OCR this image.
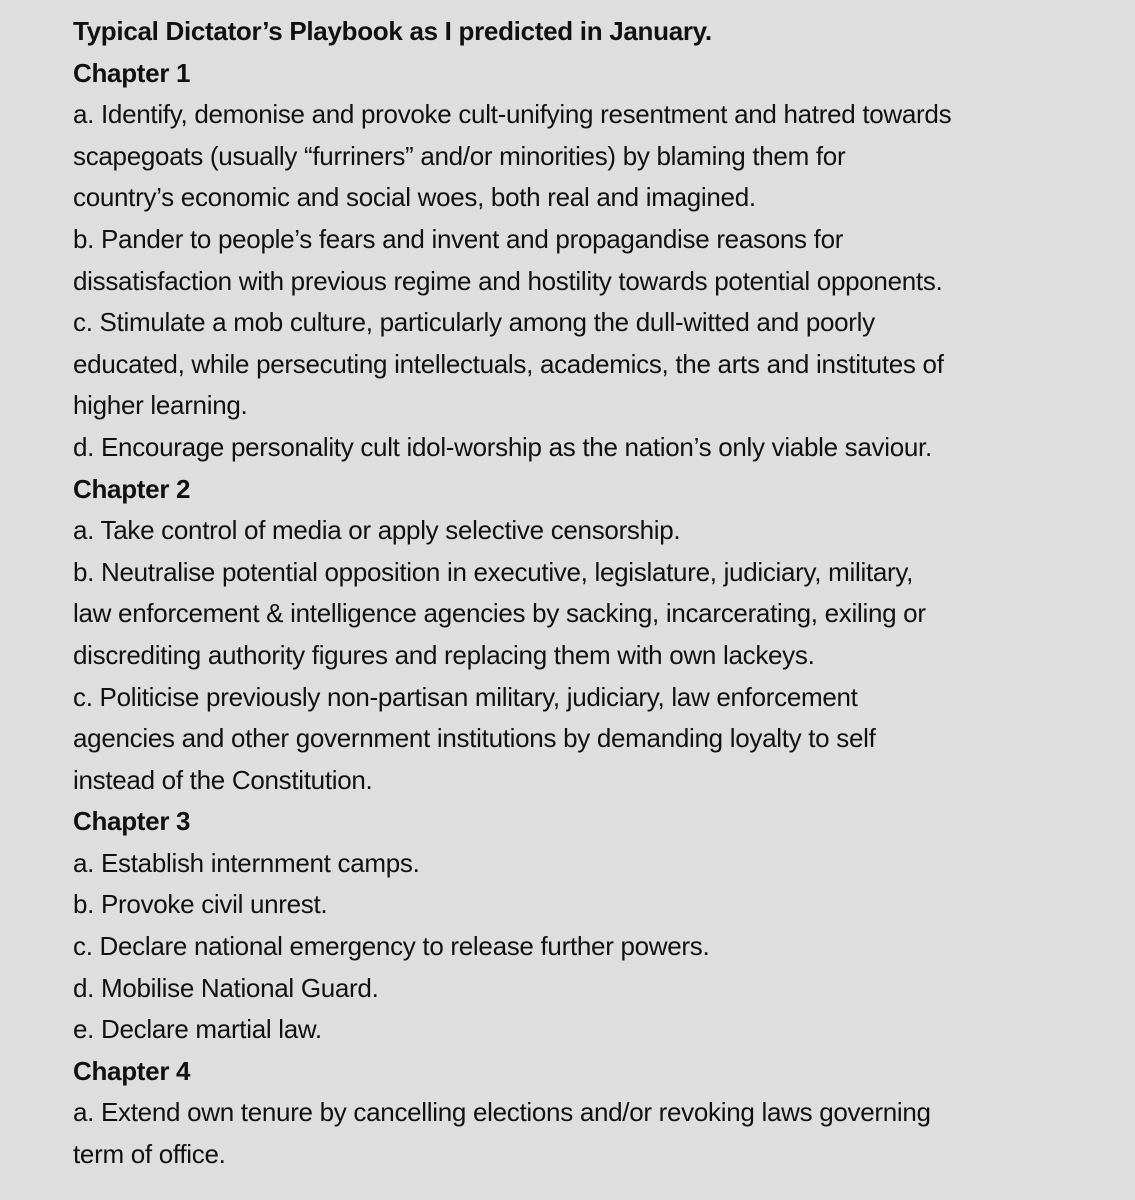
Typical Dictator’s Playbook as I predicted in January.
Chapter 1
a. Identify, demonise and provoke cult-unifying resentment and hatred towards
scapegoats (usually “furriners” and/or minorities) by blaming them for
country’s economic and social woes, both real and imagined.
b. Pander to people’s fears and invent and propagandise reasons for
dissatisfaction with previous regime and hostility towards potential opponents.
c. Stimulate a mob culture, particularly among the dull-witted and poorly
educated, while persecuting intellectuals, academics, the arts and institutes of
higher learning.
d. Encourage personality cult idol-worship as the nation’s only viable saviour.
Chapter 2
a. Take control of media or apply selective censorship.
b. Neutralise potential opposition in executive, legislature, judiciary, military,
law enforcement & intelligence agencies by sacking, incarcerating, exiling or
discrediting authority figures and replacing them with own lackeys.
c. Politicise previously non-partisan military, judiciary, law enforcement
agencies and other government institutions by demanding loyalty to self
instead of the Constitution.
Chapter 3
a. Establish internment camps.
b. Provoke civil unrest.
c. Declare national emergency to release further powers.
d. Mobilise National Guard.
e. Declare martial law.
Chapter 4
a. Extend own tenure by cancelling elections and/or revoking laws governing
term of office.
